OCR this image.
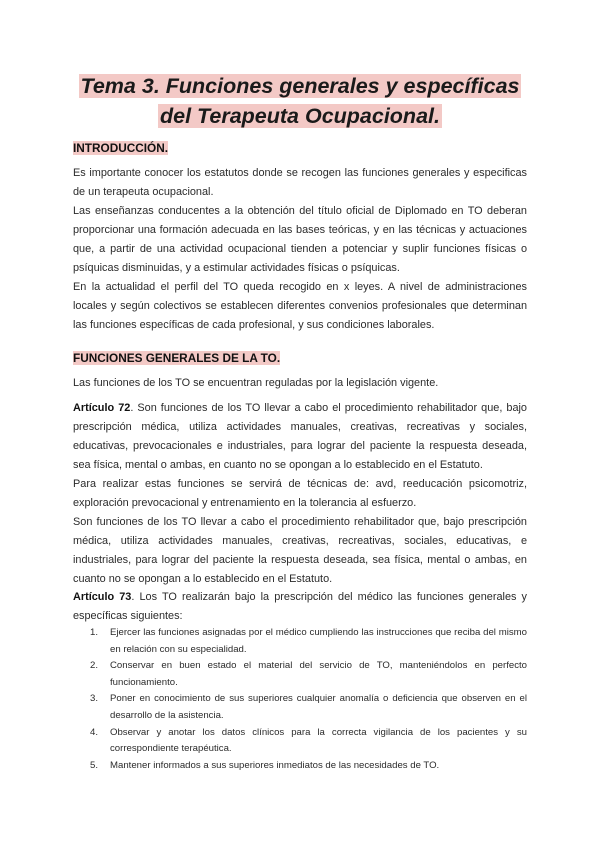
Tema 3. Funciones generales y específicas
del Terapeuta Ocupacional.
INTRODUCCIÓN.

Es importante conocer los estatutos donde se recogen las funciones generales y especificas de un terapeuta ocupacional.

Las enseñanzas conducentes a la obtención del título oficial de Diplomado en TO deberan proporcionar una formación adecuada en las bases teóricas, y en las técnicas y actuaciones que, a partir de una actividad ocupacional tienden a potenciar y suplir funciones físicas o psíquicas disminuidas, y a estimular actividades físicas o psíquicas.

En la actualidad el perfil del TO queda recogido en x leyes. A nivel de administraciones locales y según colectivos se establecen diferentes convenios profesionales que determinan las funciones específicas de cada profesional, y sus condiciones laborales.

FUNCIONES GENERALES DE LA TO.

Las funciones de los TO se encuentran reguladas por la legislación vigente.

Artículo 72. Son funciones de los TO llevar a cabo el procedimiento rehabilitador que, bajo prescripción médica, utiliza actividades manuales, creativas, recreativas y sociales, educativas, prevocacionales e industriales, para lograr del paciente la respuesta deseada, sea física, mental o ambas, en cuanto no se opongan a lo establecido en el Estatuto.

Para realizar estas funciones se servirá de técnicas de: avd, reeducación psicomotriz, exploración prevocacional y entrenamiento en la tolerancia al esfuerzo.

Son funciones de los TO llevar a cabo el procedimiento rehabilitador que, bajo prescripción médica, utiliza actividades manuales, creativas, recreativas, sociales, educativas, e industriales, para lograr del paciente la respuesta deseada, sea física, mental o ambas, en cuanto no se opongan a lo establecido en el Estatuto.

Artículo 73. Los TO realizarán bajo la prescripción del médico las funciones generales y específicas siguientes:

1. Ejercer las funciones asignadas por el médico cumpliendo las instrucciones que reciba del mismo en relación con su especialidad.
2. Conservar en buen estado el material del servicio de TO, manteniéndolos en perfecto funcionamiento.
3. Poner en conocimiento de sus superiores cualquier anomalía o deficiencia que observen en el desarrollo de la asistencia.
4. Observar y anotar los datos clínicos para la correcta vigilancia de los pacientes y su correspondiente terapéutica.
5. Mantener informados a sus superiores inmediatos de las necesidades de TO.
